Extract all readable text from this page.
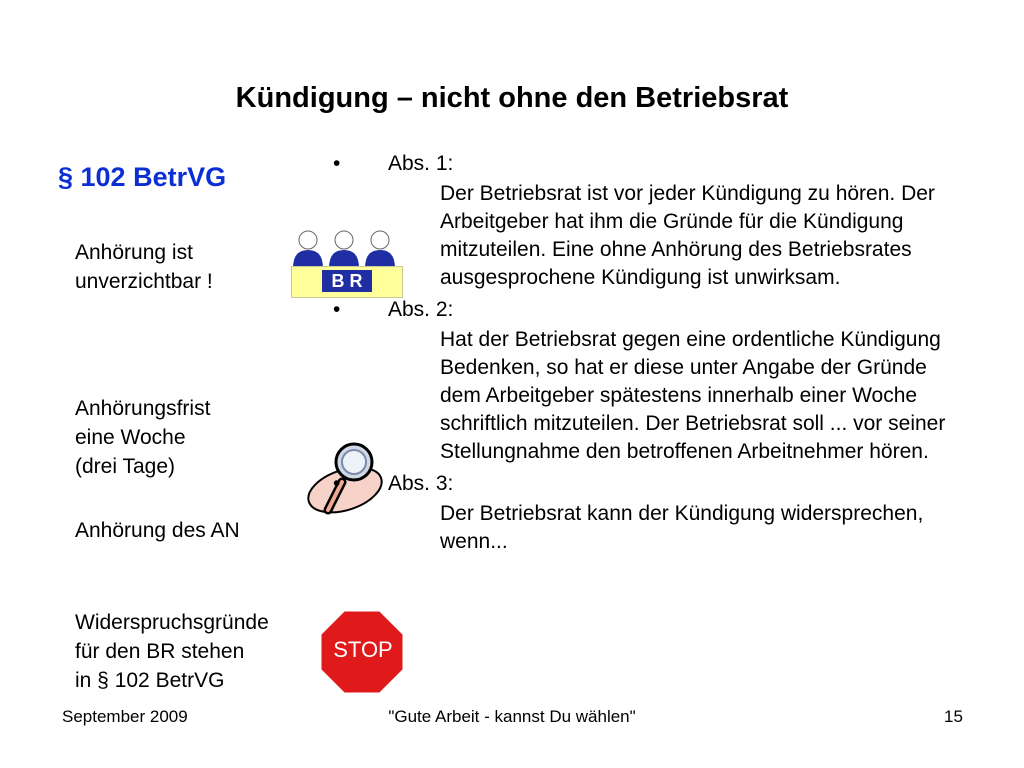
Kündigung – nicht ohne den Betriebsrat
§ 102 BetrVG

Anhörung ist

unverzichtbar !

Anhörungsfrist

eine Woche

(drei Tage)

Anhörung des AN

Widerspruchsgründe

für den BR stehen

in § 102 BetrVG

B R
STOP
• Abs. 1:

Der Betriebsrat ist vor jeder Kündigung zu hören. Der Arbeitgeber hat ihm die Gründe für die Kündigung mitzuteilen. Eine ohne Anhörung des Betriebsrates ausgesprochene Kündigung ist unwirksam.

• Abs. 2:

Hat der Betriebsrat gegen eine ordentliche Kündigung Bedenken, so hat er diese unter Angabe der Gründe dem Arbeitgeber spätestens innerhalb einer Woche schriftlich mitzuteilen. Der Betriebsrat soll ... vor seiner Stellungnahme den betroffenen Arbeitnehmer hören.

• Abs. 3:

Der Betriebsrat kann der Kündigung widersprechen, wenn...

September 2009	"Gute Arbeit - kannst Du wählen"	15
